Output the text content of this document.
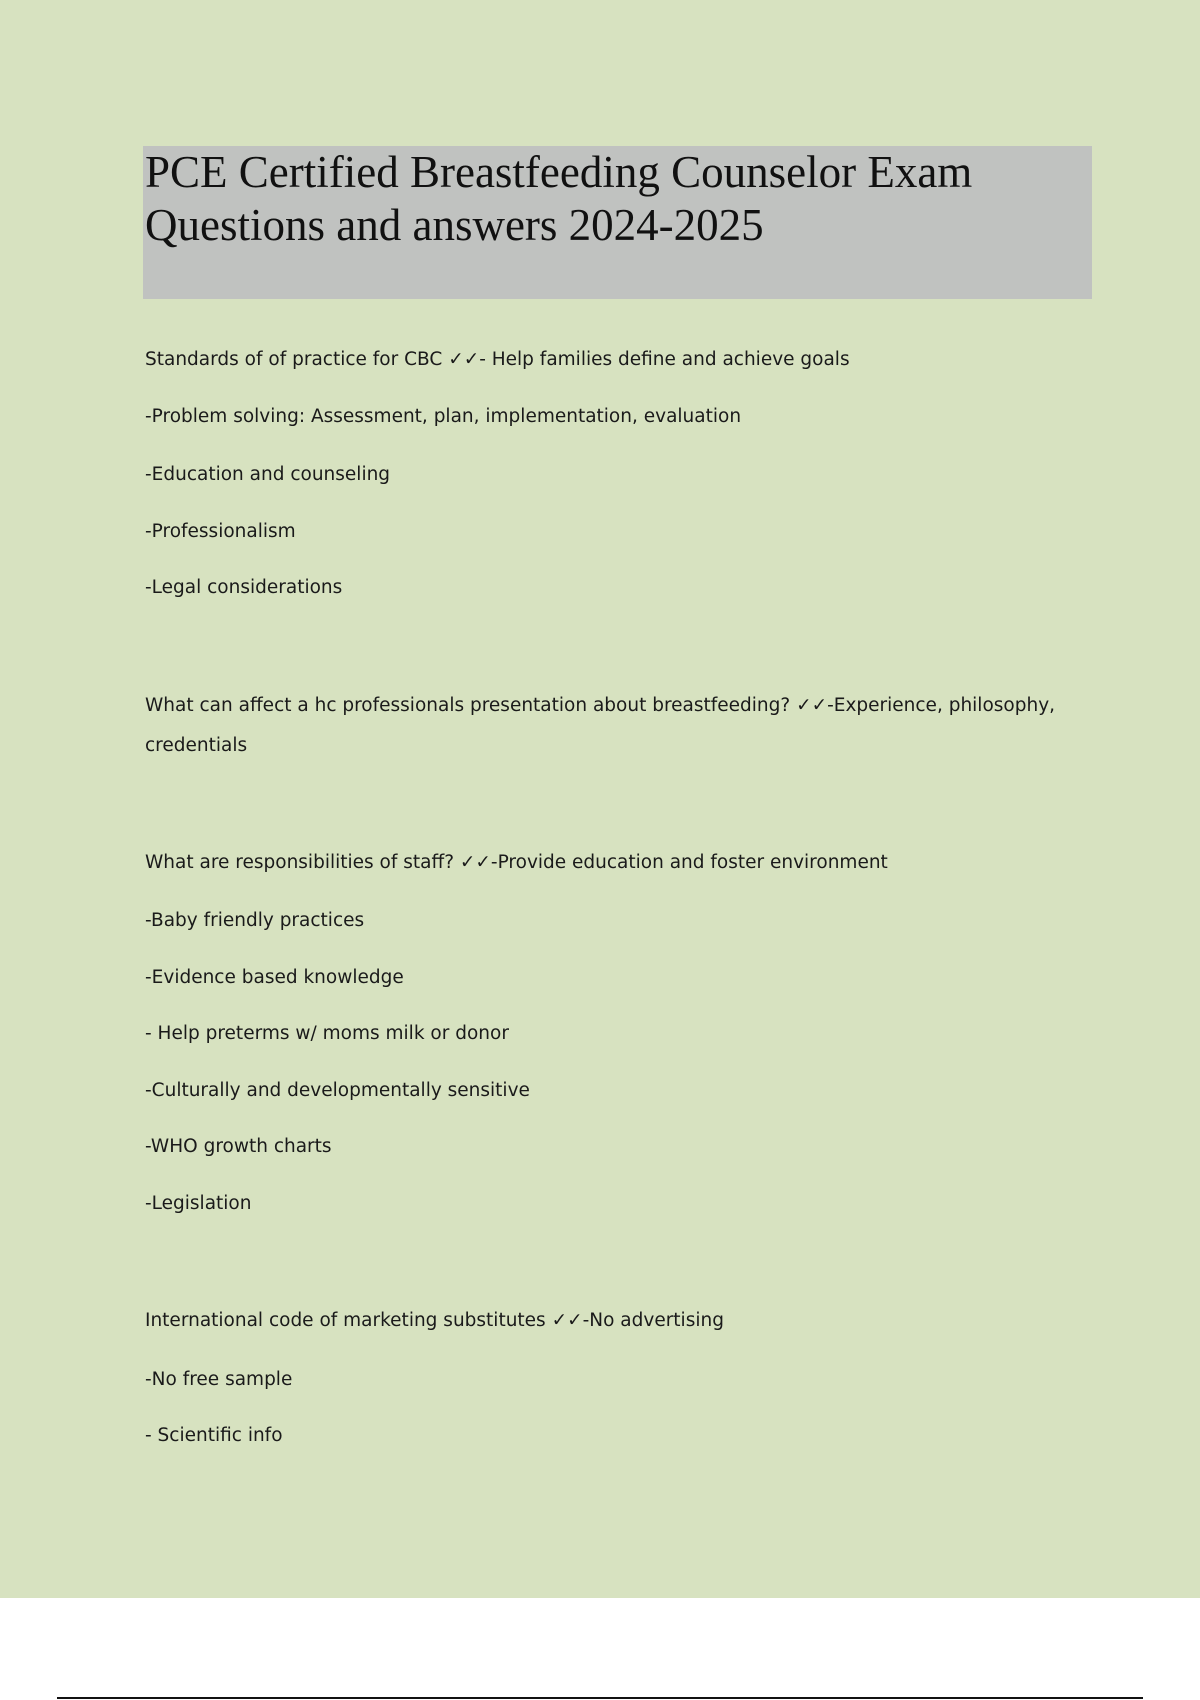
PCE Certified Breastfeeding Counselor Exam Questions and answers 2024-2025

Standards of of practice for CBC ✓✓- Help families define and achieve goals

-Problem solving: Assessment, plan, implementation, evaluation

-Education and counseling

-Professionalism

-Legal considerations

What can affect a hc professionals presentation about breastfeeding? ✓✓-Experience, philosophy,

credentials

What are responsibilities of staff? ✓✓-Provide education and foster environment

-Baby friendly practices

-Evidence based knowledge

- Help preterms w/ moms milk or donor

-Culturally and developmentally sensitive

-WHO growth charts

-Legislation

International code of marketing substitutes ✓✓-No advertising

-No free sample

- Scientific info
